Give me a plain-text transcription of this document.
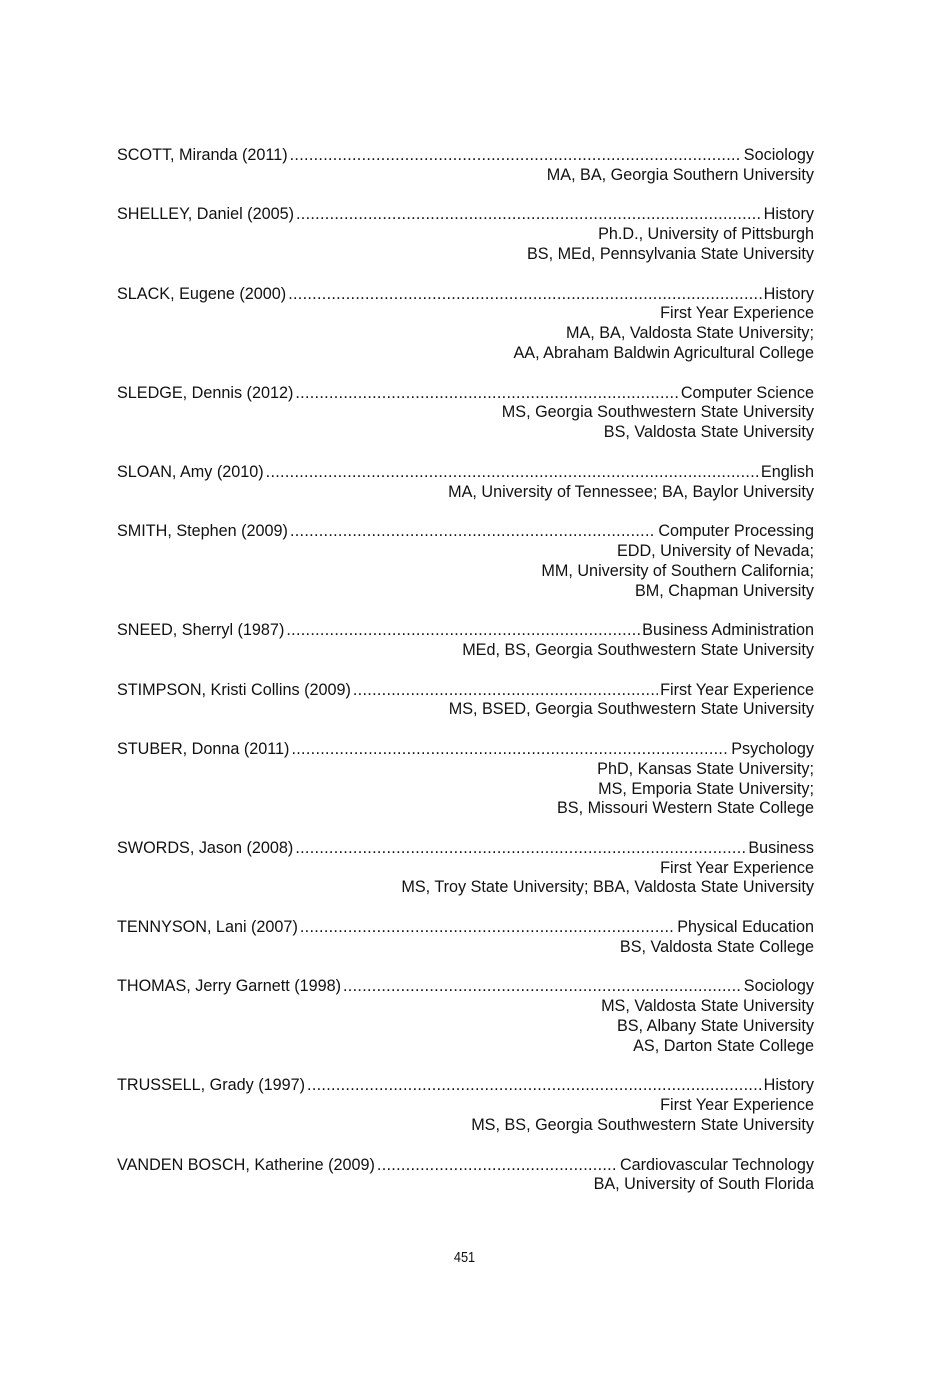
SCOTT, Miranda (2011) .....	Sociology
MA, BA, Georgia Southern University
SHELLEY, Daniel (2005) .....	History
Ph.D., University of Pittsburgh
BS, MEd, Pennsylvania State University
SLACK, Eugene (2000) .....	History
First Year Experience
MA, BA, Valdosta State University;
AA, Abraham Baldwin Agricultural College
SLEDGE, Dennis (2012) .....	Computer Science
MS, Georgia Southwestern State University
BS, Valdosta State University
SLOAN, Amy (2010) .....	English
MA, University of Tennessee; BA, Baylor University
SMITH, Stephen (2009) .....	Computer Processing
EDD, University of Nevada;
MM, University of Southern California;
BM, Chapman University
SNEED, Sherryl (1987) .....	Business Administration
MEd, BS, Georgia Southwestern State University
STIMPSON, Kristi Collins (2009) .....	First Year Experience
MS, BSED, Georgia Southwestern State University
STUBER, Donna (2011) .....	Psychology
PhD, Kansas State University;
MS, Emporia State University;
BS, Missouri Western State College
SWORDS, Jason (2008) .....	Business
First Year Experience
MS, Troy State University; BBA, Valdosta State University
TENNYSON, Lani (2007) .....	Physical Education
BS, Valdosta State College
THOMAS, Jerry Garnett (1998) .....	Sociology
MS, Valdosta State University
BS, Albany State University
AS, Darton State College
TRUSSELL, Grady (1997) .....	History
First Year Experience
MS, BS, Georgia Southwestern State University
VANDEN BOSCH, Katherine (2009) .....	Cardiovascular Technology
BA, University of South Florida
451
